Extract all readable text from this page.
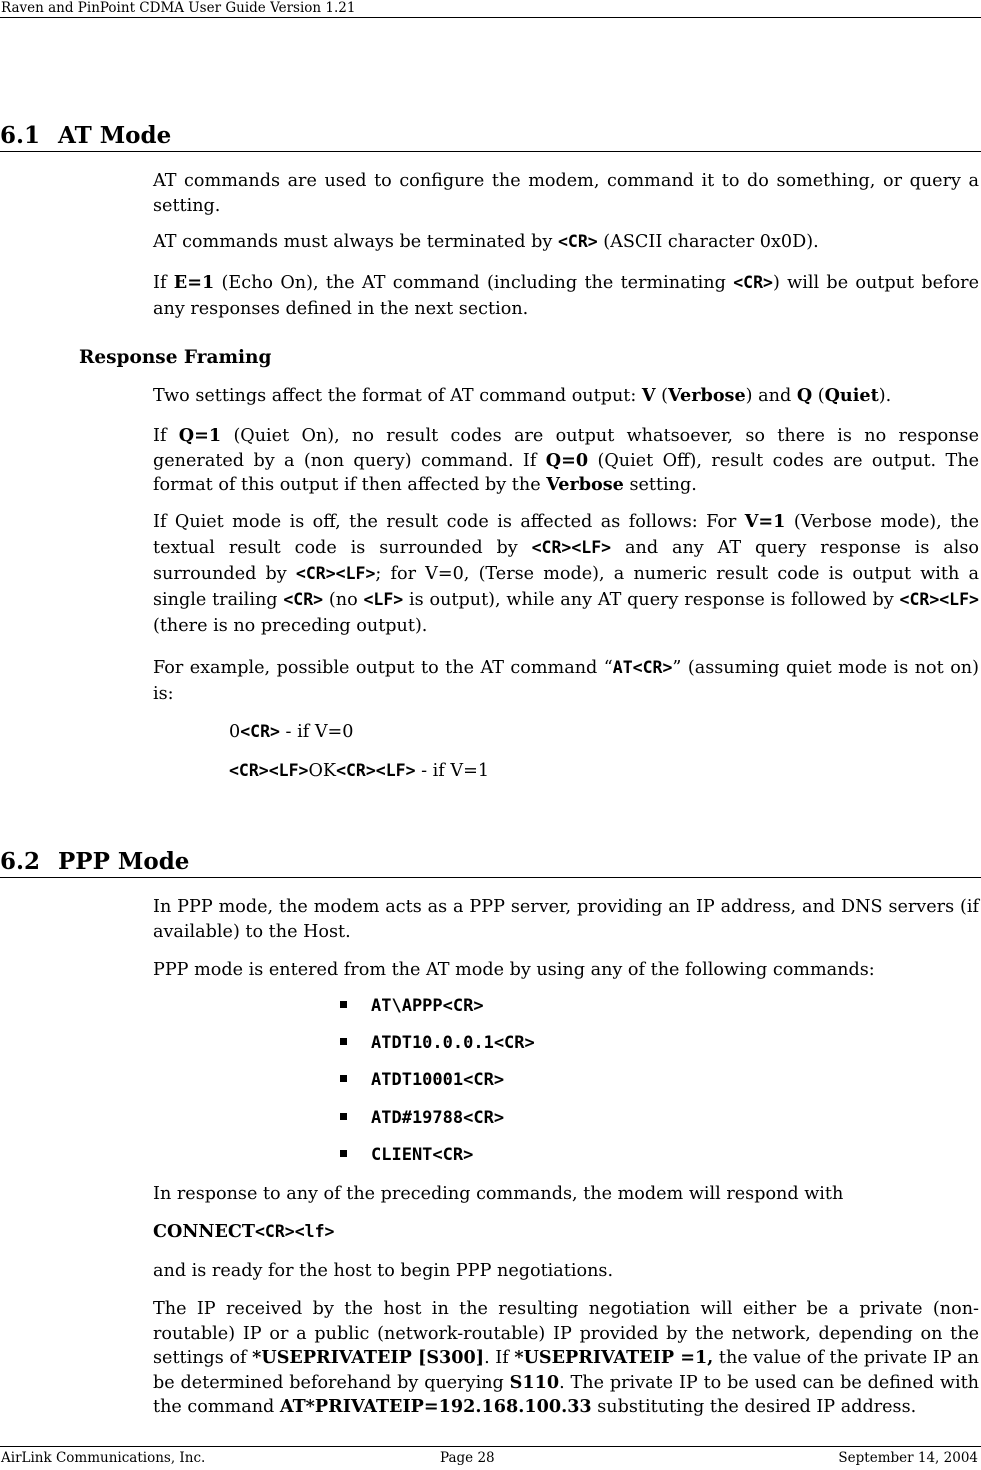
Raven and PinPoint CDMA User Guide Version 1.21
6.1 AT Mode
AT commands are used to configure the modem, command it to do something, or query a setting.
AT commands must always be terminated by <CR> (ASCII character 0x0D).
If E=1 (Echo On), the AT command (including the terminating <CR>) will be output before any responses defined in the next section.
Response Framing
Two settings affect the format of AT command output: V (Verbose) and Q (Quiet).
If Q=1 (Quiet On), no result codes are output whatsoever, so there is no response generated by a (non query) command. If Q=0 (Quiet Off), result codes are output. The format of this output if then affected by the Verbose setting.
If Quiet mode is off, the result code is affected as follows: For V=1 (Verbose mode), the textual result code is surrounded by <CR><LF> and any AT query response is also surrounded by <CR><LF>; for V=0, (Terse mode), a numeric result code is output with a single trailing <CR> (no <LF> is output), while any AT query response is followed by <CR><LF> (there is no preceding output).
For example, possible output to the AT command “AT<CR>” (assuming quiet mode is not on) is:
0<CR> - if V=0
<CR><LF>OK<CR><LF> - if V=1
6.2 PPP Mode
In PPP mode, the modem acts as a PPP server, providing an IP address, and DNS servers (if available) to the Host.
PPP mode is entered from the AT mode by using any of the following commands:
AT\APPP<CR>
ATDT10.0.0.1<CR>
ATDT10001<CR>
ATD#19788<CR>
CLIENT<CR>
In response to any of the preceding commands, the modem will respond with
CONNECT<CR><lf>
and is ready for the host to begin PPP negotiations.
The IP received by the host in the resulting negotiation will either be a private (non-routable) IP or a public (network-routable) IP provided by the network, depending on the settings of *USEPRIVATEIP [S300]. If *USEPRIVATEIP =1, the value of the private IP an be determined beforehand by querying S110. The private IP to be used can be defined with the command AT*PRIVATEIP=192.168.100.33 substituting the desired IP address.
AirLink Communications, Inc.	Page 28	September 14, 2004
